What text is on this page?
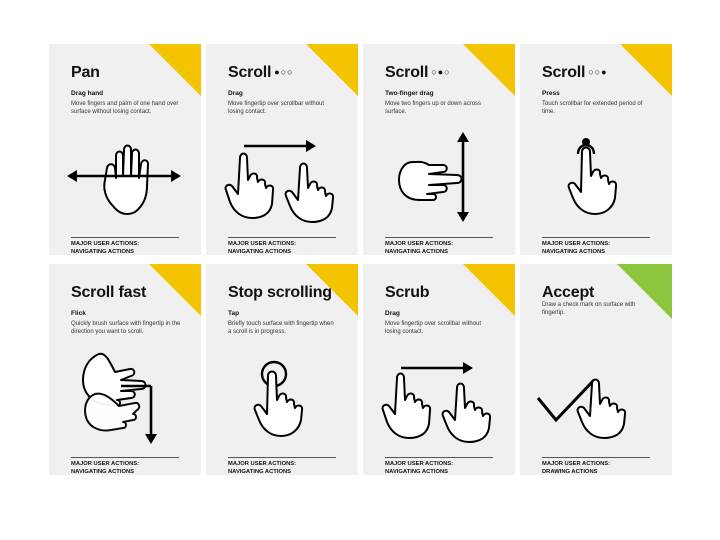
Pan
Drag hand
Move fingers and palm of one hand over surface without losing contact.
MAJOR USER ACTIONS:
NAVIGATING ACTIONS
Scroll ●○○
Drag
Move fingertip over scrollbar without losing contact.
MAJOR USER ACTIONS:
NAVIGATING ACTIONS
Scroll ○●○
Two-finger drag
Move two fingers up or down across surface.
MAJOR USER ACTIONS:
NAVIGATING ACTIONS
Scroll ○○●
Press
Touch scrollbar for extended period of time.
MAJOR USER ACTIONS:
NAVIGATING ACTIONS
Scroll fast
Flick
Quickly brush surface with fingertip in the direction you want to scroll.
MAJOR USER ACTIONS:
NAVIGATING ACTIONS
Stop scrolling
Tap
Briefly touch surface with fingertip when a scroll is in progress.
MAJOR USER ACTIONS:
NAVIGATING ACTIONS
Scrub
Drag
Move fingertip over scrollbar without losing contact.
MAJOR USER ACTIONS:
NAVIGATING ACTIONS
Accept
Draw a check mark on surface with fingertip.
MAJOR USER ACTIONS:
DRAWING ACTIONS
